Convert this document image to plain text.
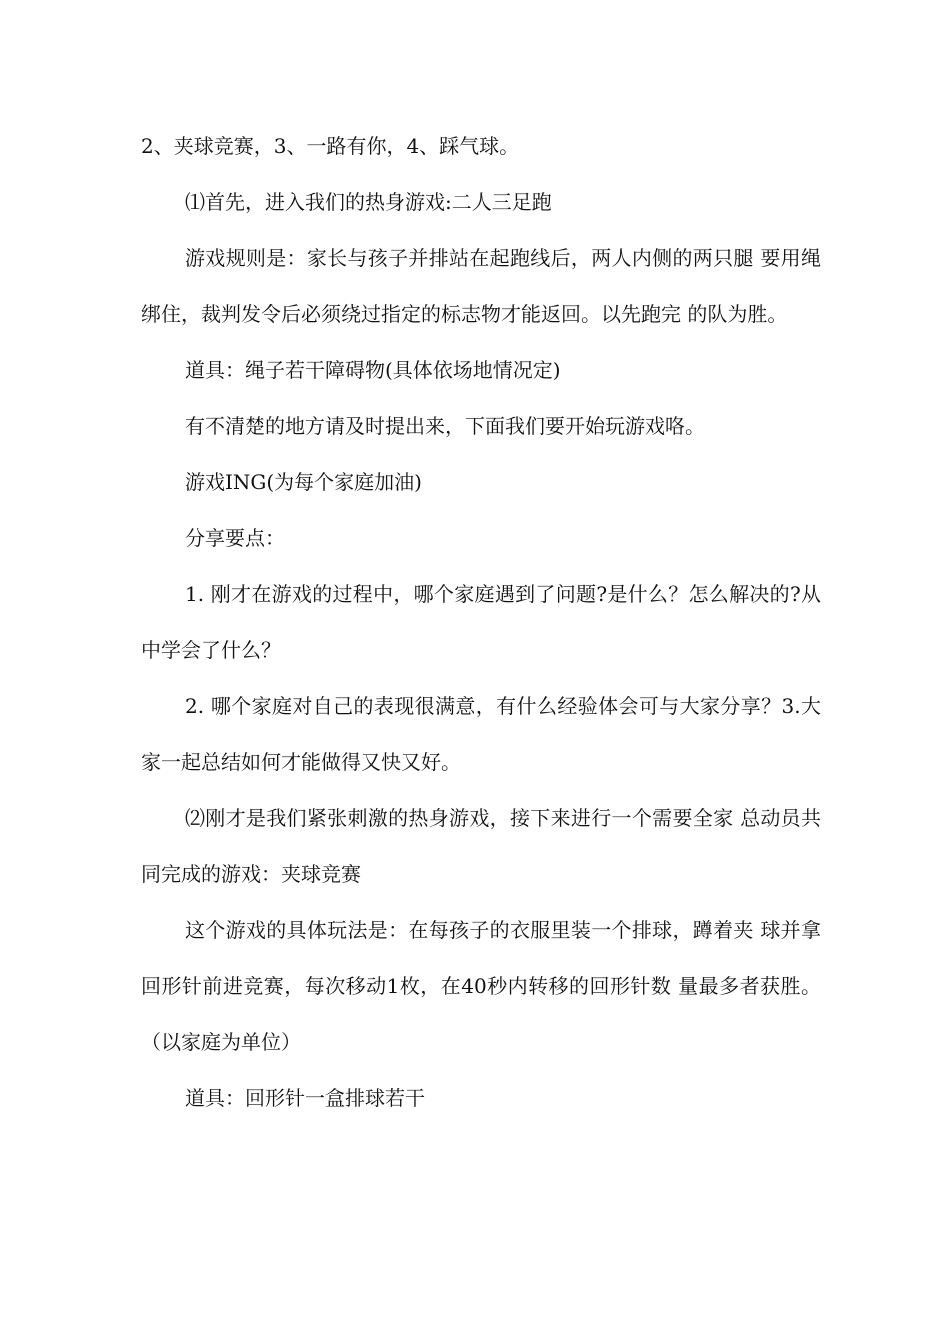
2、夹球竞赛，3、一路有你，4、踩气球。

⑴首先，进入我们的热身游戏:二人三足跑

游戏规则是：家长与孩子并排站在起跑线后，两人内侧的两只腿 要用绳绑住，裁判发令后必须绕过指定的标志物才能返回。以先跑完 的队为胜。

道具：绳子若干障碍物(具体依场地情况定)

有不清楚的地方请及时提出来，下面我们要开始玩游戏咯。

游戏ING(为每个家庭加油)

分享要点：

1. 刚才在游戏的过程中，哪个家庭遇到了问题?是什么？怎么解决的?从中学会了什么？

2. 哪个家庭对自己的表现很满意，有什么经验体会可与大家分享？3.大家一起总结如何才能做得又快又好。

⑵刚才是我们紧张刺激的热身游戏，接下来进行一个需要全家 总动员共同完成的游戏：夹球竞赛

这个游戏的具体玩法是：在每孩子的衣服里装一个排球，蹲着夹 球并拿回形针前进竞赛，每次移动1枚，在40秒内转移的回形针数 量最多者获胜。（以家庭为单位）

道具：回形针一盒排球若干
